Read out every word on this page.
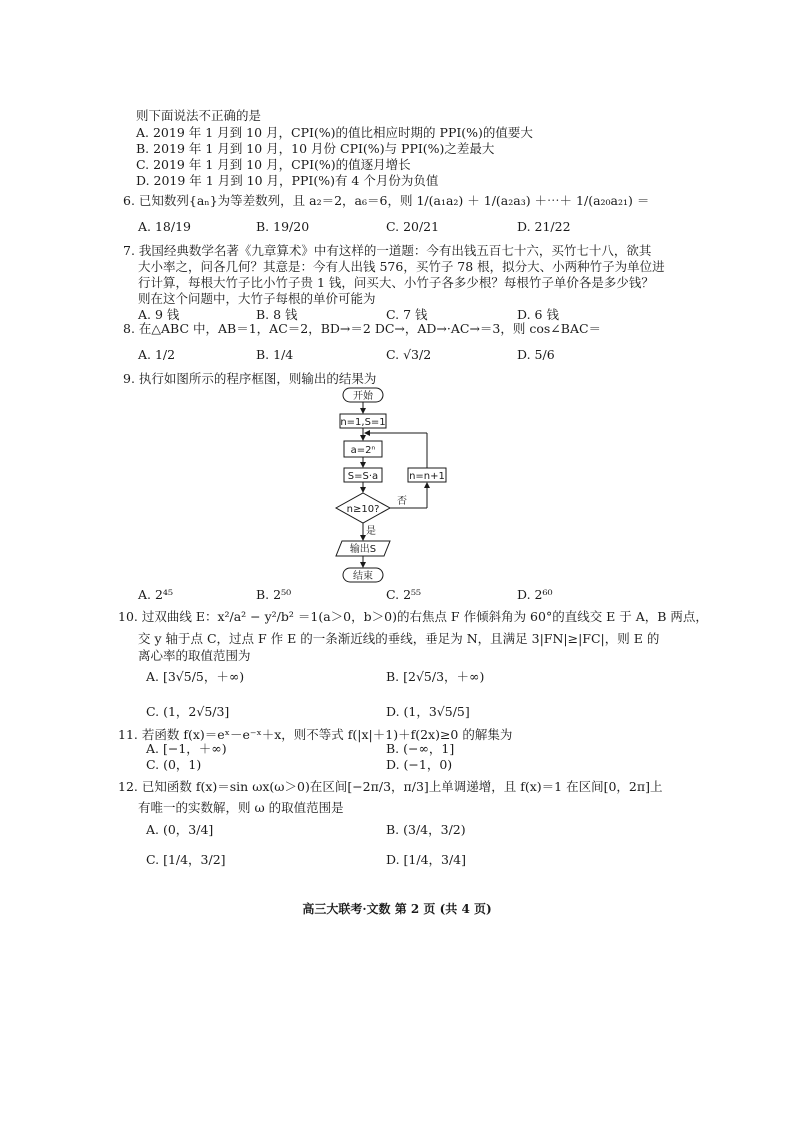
则下面说法不正确的是
A. 2019 年 1 月到 10 月，CPI(%)的值比相应时期的 PPI(%)的值要大
B. 2019 年 1 月到 10 月，10 月份 CPI(%)与 PPI(%)之差最大
C. 2019 年 1 月到 10 月，CPI(%)的值逐月增长
D. 2019 年 1 月到 10 月，PPI(%)有 4 个月份为负值
6. 已知数列{aₙ}为等差数列，且 a₂＝2，a₆＝6，则 1/(a₁a₂) ＋ 1/(a₂a₃) ＋⋯＋ 1/(a₂₀a₂₁) ＝
A. 18/19	B. 19/20	C. 20/21	D. 21/22
7. 我国经典数学名著《九章算术》中有这样的一道题：今有出钱五百七十六，买竹七十八，欲其
大小率之，问各几何？其意是：今有人出钱 576，买竹子 78 根，拟分大、小两种竹子为单位进
行计算，每根大竹子比小竹子贵 1 钱，问买大、小竹子各多少根？每根竹子单价各是多少钱？
则在这个问题中，大竹子每根的单价可能为
A. 9 钱	B. 8 钱	C. 7 钱	D. 6 钱
8. 在△ABC 中，AB＝1，AC＝2，BD→＝2 DC→，AD→·AC→＝3，则 cos∠BAC＝
A. 1/2	B. 1/4	C. √3/2	D. 5/6
9. 执行如图所示的程序框图，则输出的结果为
开始
n=1,S=1
a=2ⁿ
S=S·a	n=n+1
n≥10?
否
是
输出S
结束
A. 2⁴⁵	B. 2⁵⁰	C. 2⁵⁵	D. 2⁶⁰
10. 过双曲线 E：x²/a² − y²/b² ＝1(a＞0，b＞0)的右焦点 F 作倾斜角为 60°的直线交 E 于 A，B 两点，
交 y 轴于点 C，过点 F 作 E 的一条渐近线的垂线，垂足为 N，且满足 3|FN|≥|FC|，则 E 的
离心率的取值范围为
A. [3√5/5，＋∞)	B. [2√5/3，＋∞)
C. (1，2√5/3]	D. (1，3√5/5]
11. 若函数 f(x)＝eˣ－e⁻ˣ＋x，则不等式 f(|x|＋1)＋f(2x)≥0 的解集为
A. [−1，＋∞)	B. (−∞，1]
C. (0，1)	D. (−1，0)
12. 已知函数 f(x)＝sin ωx(ω＞0)在区间[−2π/3，π/3]上单调递增，且 f(x)＝1 在区间[0，2π]上
有唯一的实数解，则 ω 的取值范围是
A. (0，3/4]	B. (3/4，3/2)
C. [1/4，3/2]	D. [1/4，3/4]
高三大联考·文数 第 2 页 (共 4 页)
